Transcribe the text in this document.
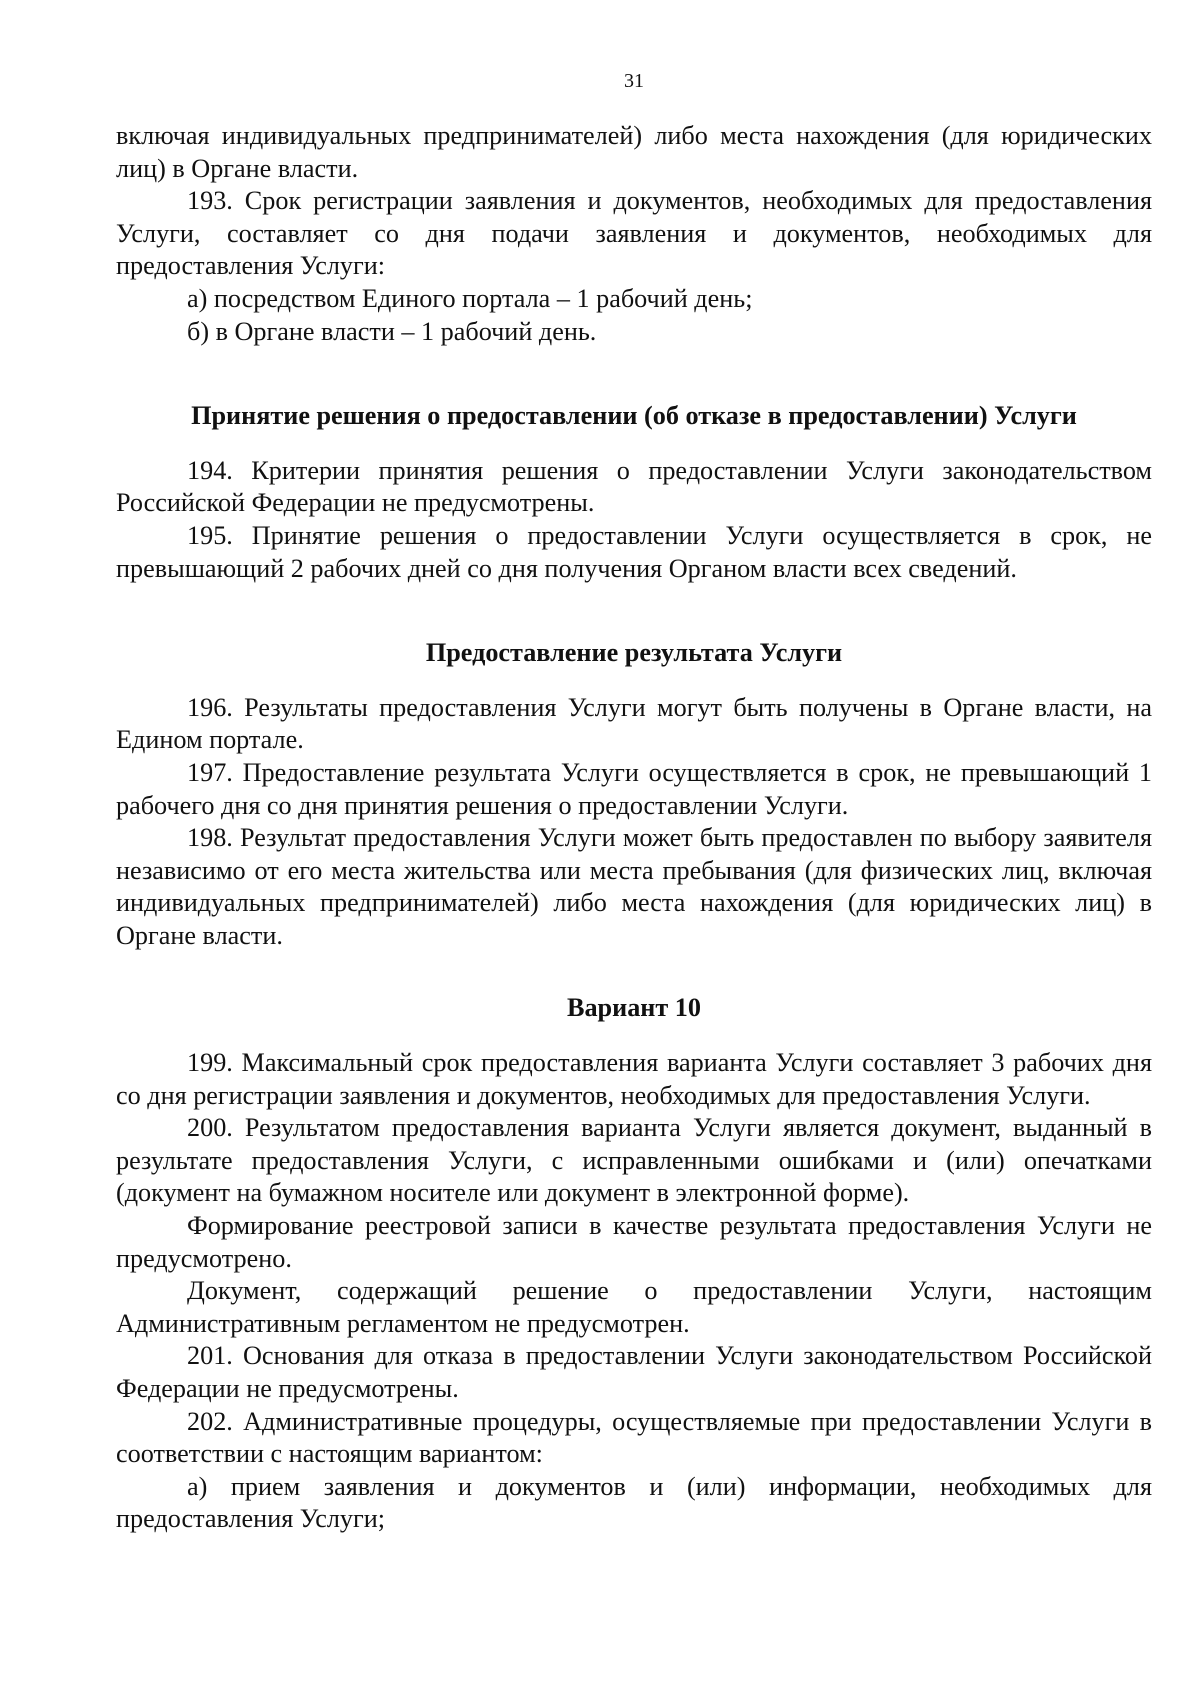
31

включая индивидуальных предпринимателей) либо места нахождения (для юридических лиц) в Органе власти.

193. Срок регистрации заявления и документов, необходимых для предоставления Услуги, составляет со дня подачи заявления и документов, необходимых для предоставления Услуги:

а) посредством Единого портала – 1 рабочий день;

б) в Органе власти – 1 рабочий день.

Принятие решения о предоставлении (об отказе в предоставлении) Услуги

194. Критерии принятия решения о предоставлении Услуги законодательством Российской Федерации не предусмотрены.

195. Принятие решения о предоставлении Услуги осуществляется в срок, не превышающий 2 рабочих дней со дня получения Органом власти всех сведений.

Предоставление результата Услуги

196. Результаты предоставления Услуги могут быть получены в Органе власти, на Едином портале.

197. Предоставление результата Услуги осуществляется в срок, не превышающий 1 рабочего дня со дня принятия решения о предоставлении Услуги.

198. Результат предоставления Услуги может быть предоставлен по выбору заявителя независимо от его места жительства или места пребывания (для физических лиц, включая индивидуальных предпринимателей) либо места нахождения (для юридических лиц) в Органе власти.

Вариант 10

199. Максимальный срок предоставления варианта Услуги составляет 3 рабочих дня со дня регистрации заявления и документов, необходимых для предоставления Услуги.

200. Результатом предоставления варианта Услуги является документ, выданный в результате предоставления Услуги, с исправленными ошибками и (или) опечатками (документ на бумажном носителе или документ в электронной форме).

Формирование реестровой записи в качестве результата предоставления Услуги не предусмотрено.

Документ, содержащий решение о предоставлении Услуги, настоящим Административным регламентом не предусмотрен.

201. Основания для отказа в предоставлении Услуги законодательством Российской Федерации не предусмотрены.

202. Административные процедуры, осуществляемые при предоставлении Услуги в соответствии с настоящим вариантом:

а) прием заявления и документов и (или) информации, необходимых для предоставления Услуги;
